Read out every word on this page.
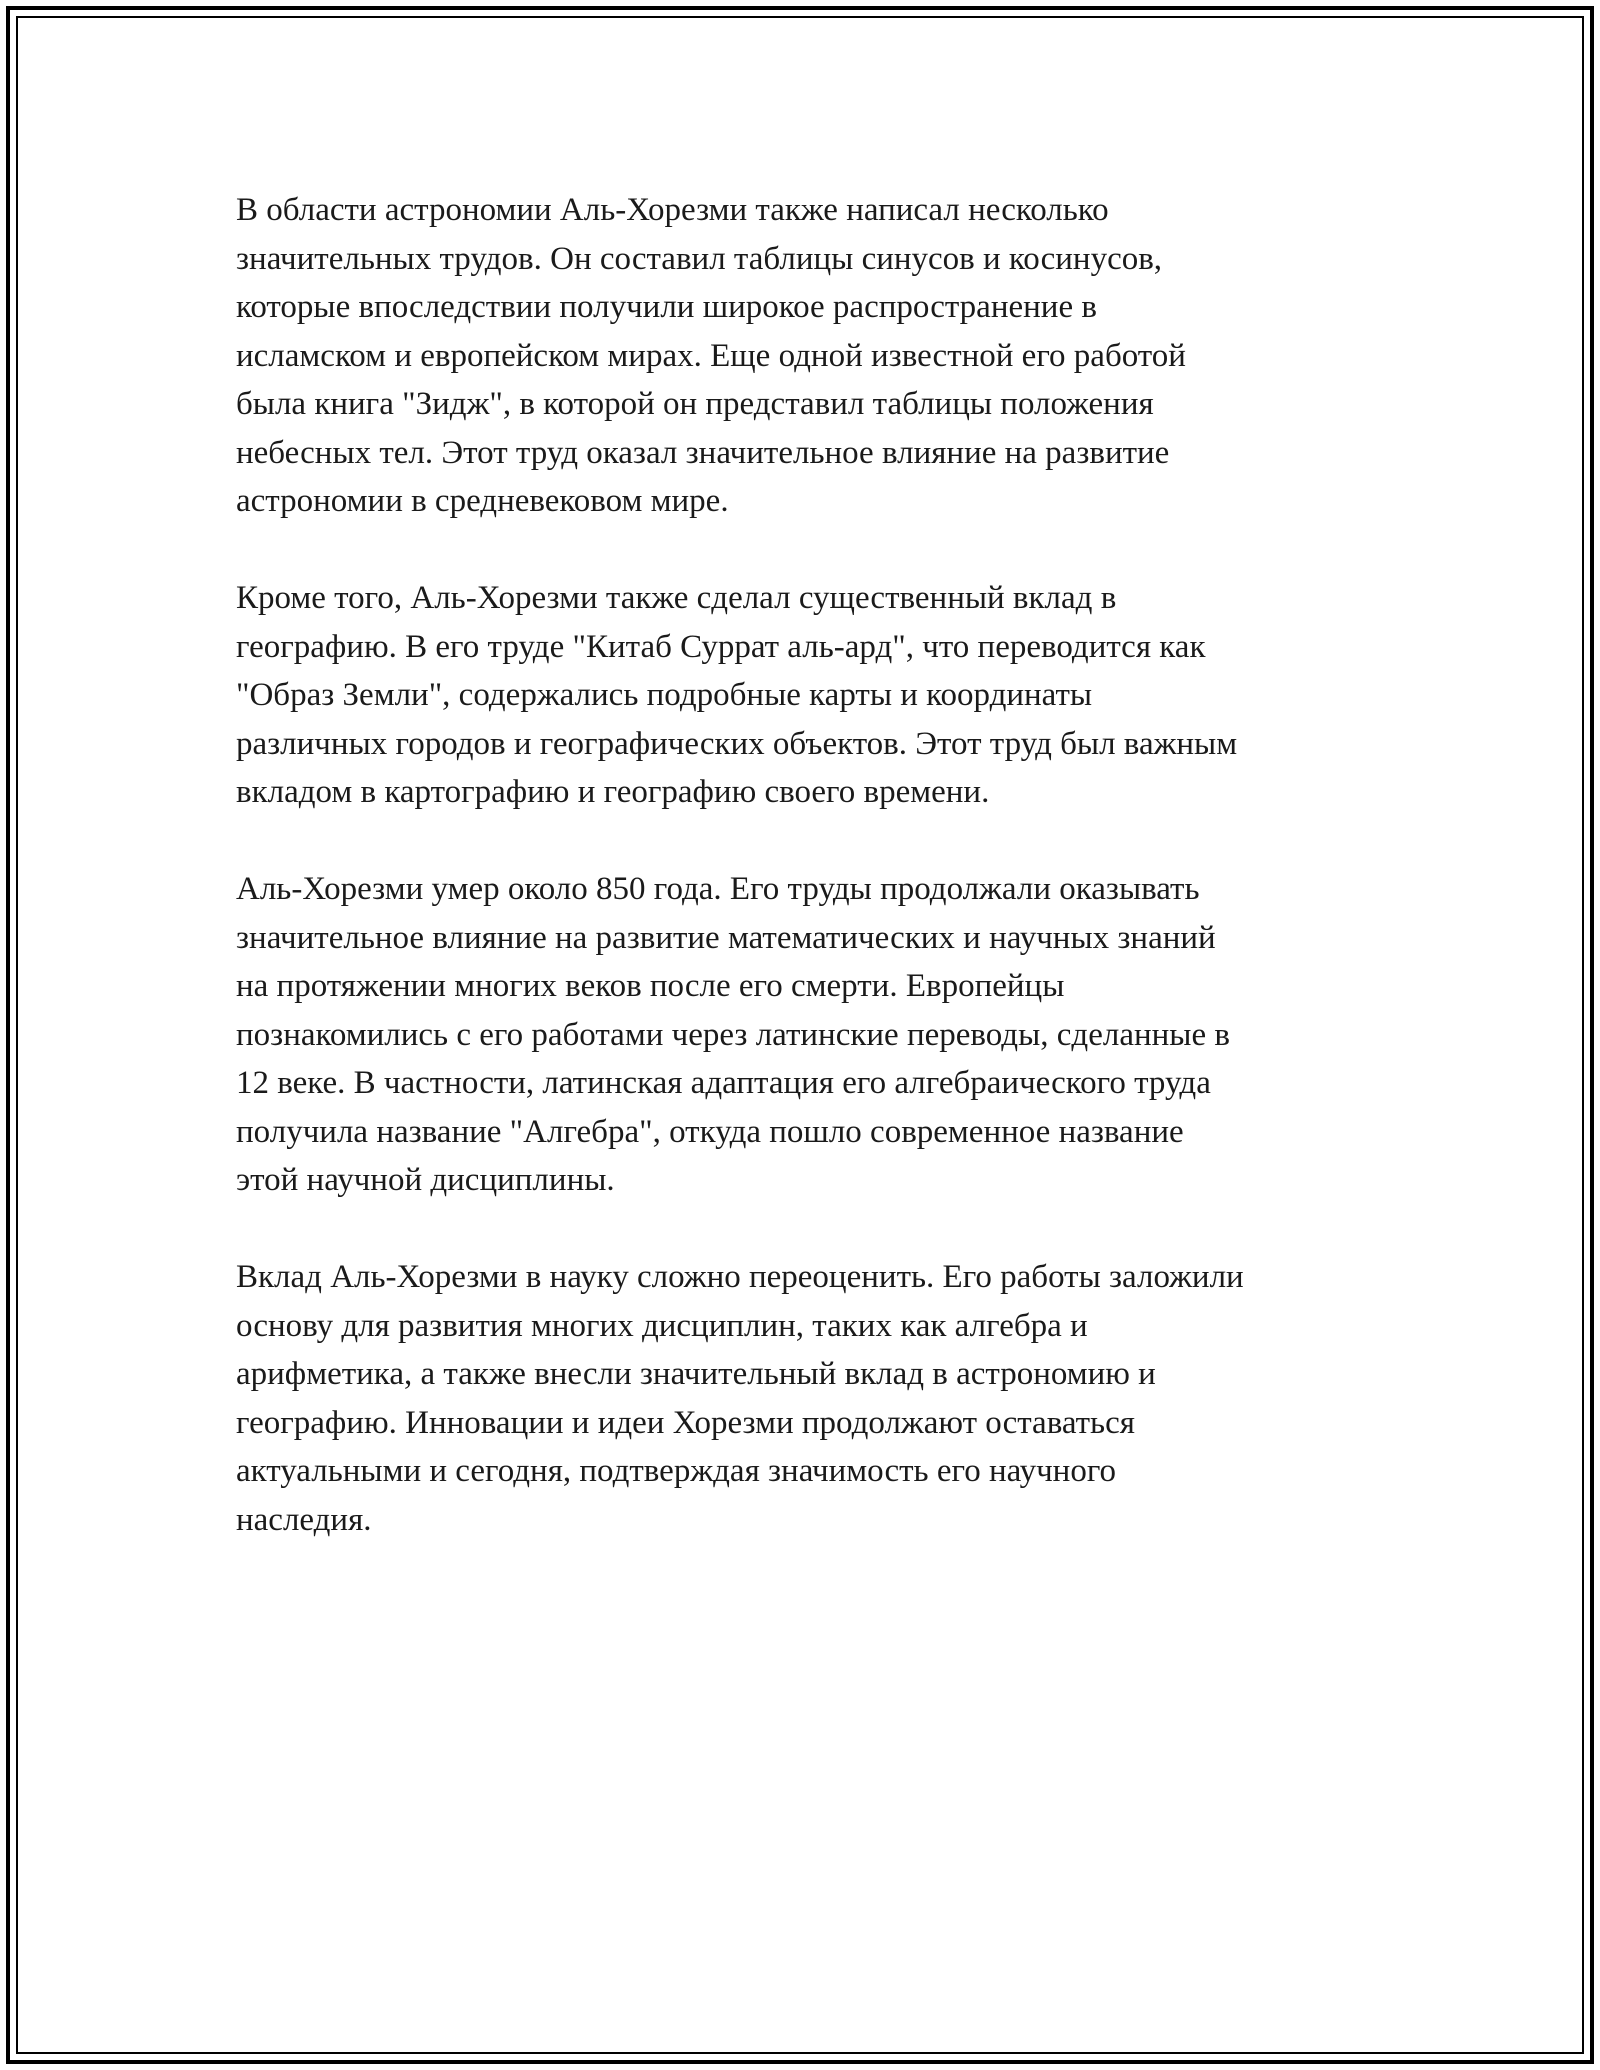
В области астрономии Аль-Хорезми также написал несколько
значительных трудов. Он составил таблицы синусов и косинусов,
которые впоследствии получили широкое распространение в
исламском и европейском мирах. Еще одной известной его работой
была книга "Зидж", в которой он представил таблицы положения
небесных тел. Этот труд оказал значительное влияние на развитие
астрономии в средневековом мире.

Кроме того, Аль-Хорезми также сделал существенный вклад в
географию. В его труде "Китаб Суррат аль-ард", что переводится как
"Образ Земли", содержались подробные карты и координаты
различных городов и географических объектов. Этот труд был важным
вкладом в картографию и географию своего времени.

Аль-Хорезми умер около 850 года. Его труды продолжали оказывать
значительное влияние на развитие математических и научных знаний
на протяжении многих веков после его смерти. Европейцы
познакомились с его работами через латинские переводы, сделанные в
12 веке. В частности, латинская адаптация его алгебраического труда
получила название "Алгебра", откуда пошло современное название
этой научной дисциплины.

Вклад Аль-Хорезми в науку сложно переоценить. Его работы заложили
основу для развития многих дисциплин, таких как алгебра и
арифметика, а также внесли значительный вклад в астрономию и
географию. Инновации и идеи Хорезми продолжают оставаться
актуальными и сегодня, подтверждая значимость его научного
наследия.
